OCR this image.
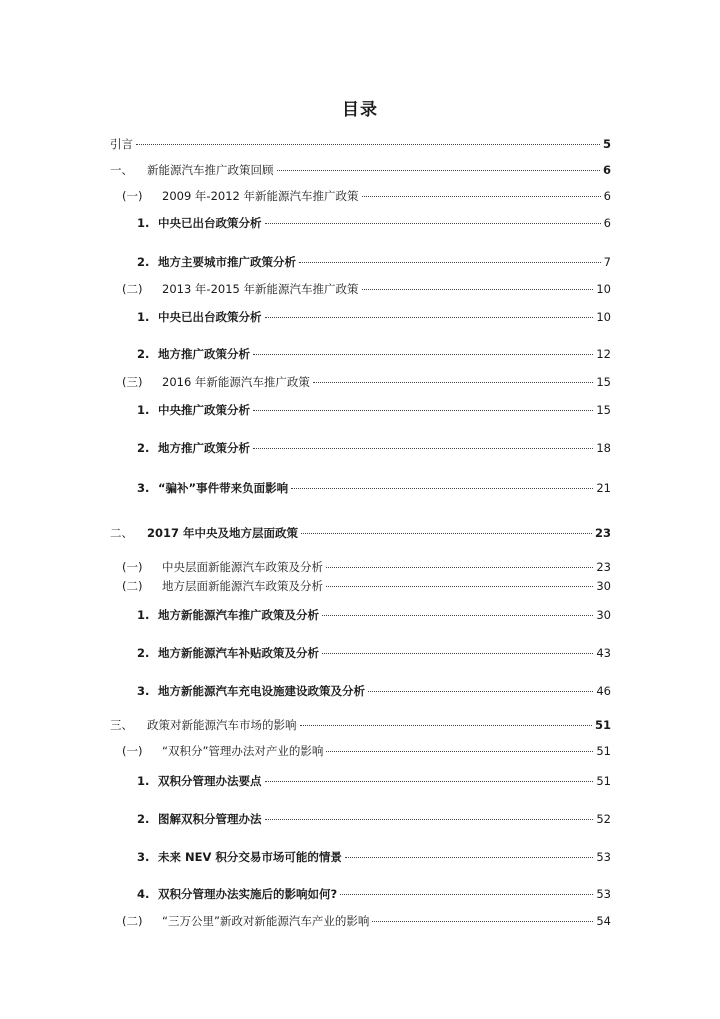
目录
引言	5
一、	新能源汽车推广政策回顾	6
(一)	2009 年-2012 年新能源汽车推广政策	6
1. 中央已出台政策分析	6
2. 地方主要城市推广政策分析	7
(二)	2013 年-2015 年新能源汽车推广政策	10
1. 中央已出台政策分析	10
2. 地方推广政策分析	12
(三)	2016 年新能源汽车推广政策	15
1. 中央推广政策分析	15
2. 地方推广政策分析	18
3. “骗补”事件带来负面影响	21
二、	2017 年中央及地方层面政策	23
(一)	中央层面新能源汽车政策及分析	23
(二)	地方层面新能源汽车政策及分析	30
1. 地方新能源汽车推广政策及分析	30
2. 地方新能源汽车补贴政策及分析	43
3. 地方新能源汽车充电设施建设政策及分析	46
三、	政策对新能源汽车市场的影响	51
(一)	“双积分”管理办法对产业的影响	51
1. 双积分管理办法要点	51
2. 图解双积分管理办法	52
3. 未来 NEV 积分交易市场可能的情景	53
4. 双积分管理办法实施后的影响如何?	53
(二)	“三万公里”新政对新能源汽车产业的影响	54
